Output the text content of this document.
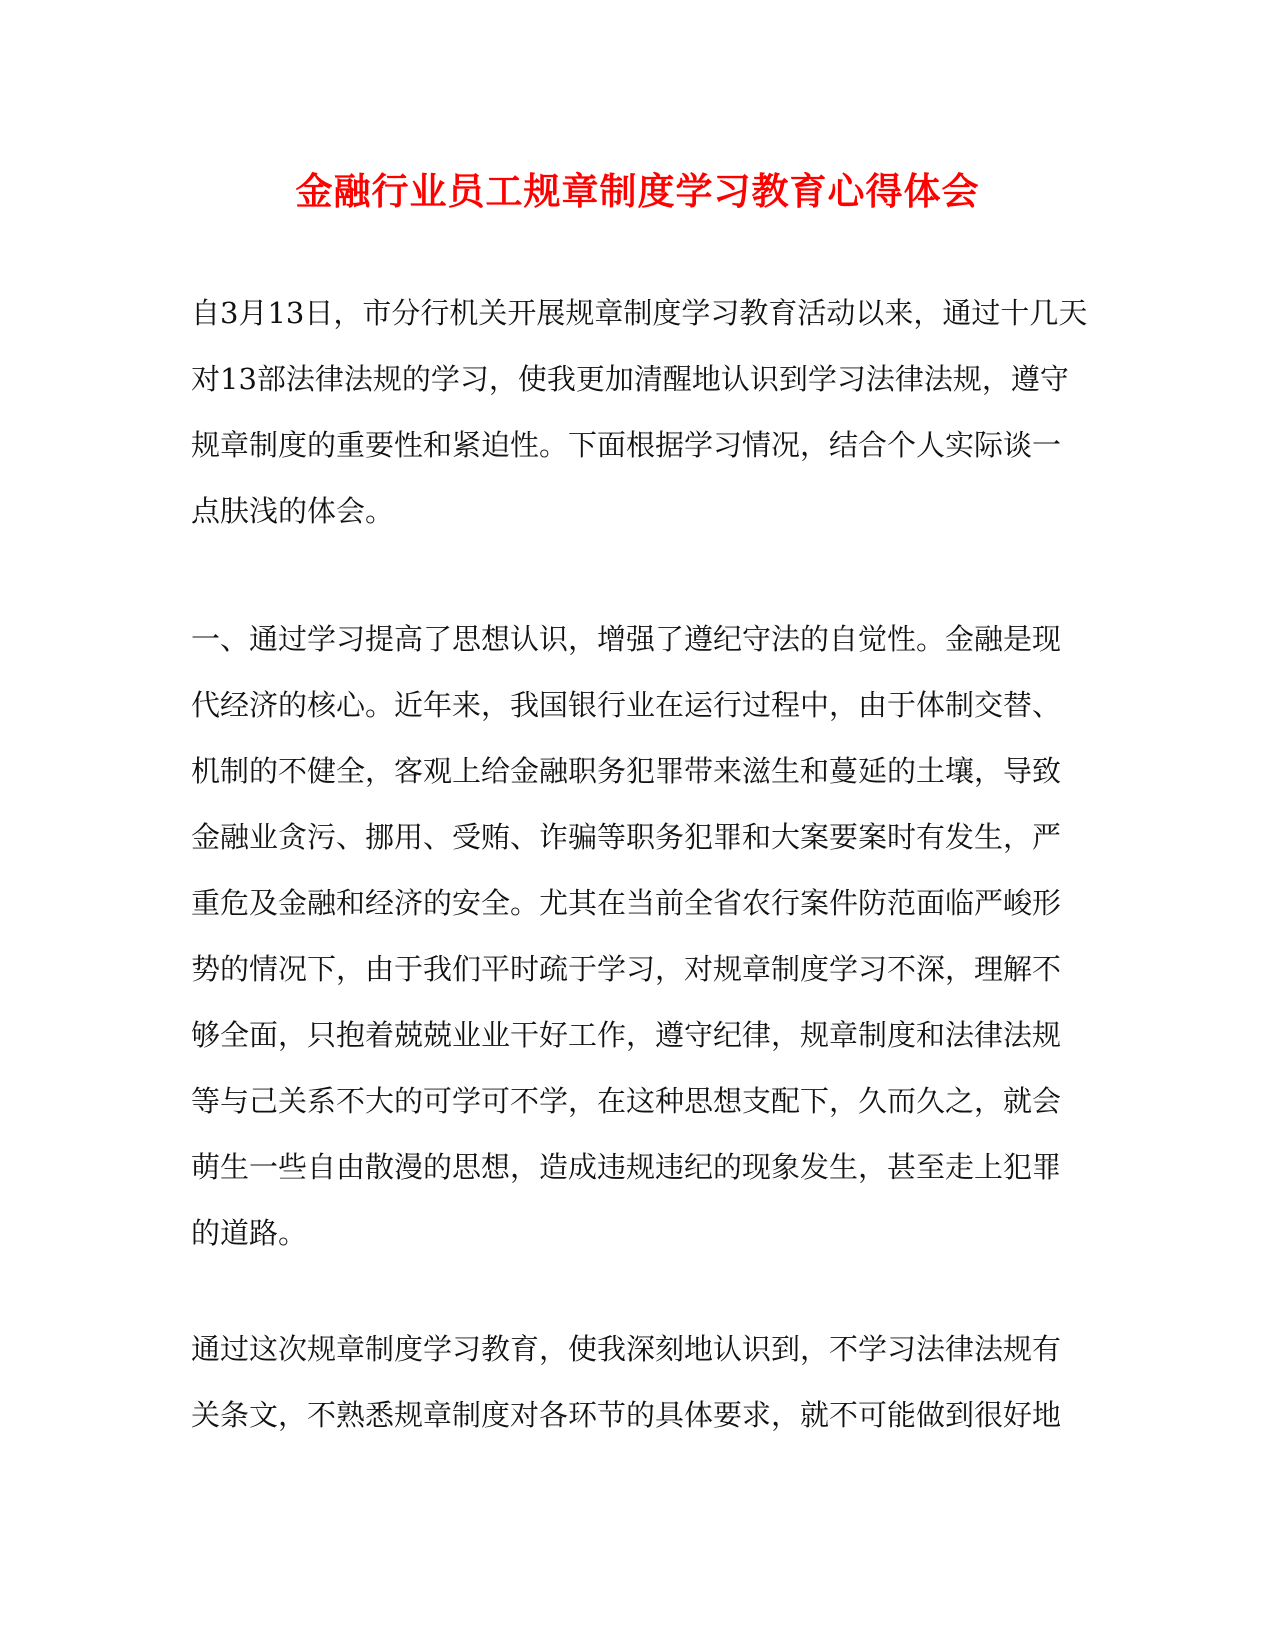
金融行业员工规章制度学习教育心得体会
自3月13日，市分行机关开展规章制度学习教育活动以来，通过十几天
对13部法律法规的学习，使我更加清醒地认识到学习法律法规，遵守
规章制度的重要性和紧迫性。下面根据学习情况，结合个人实际谈一
点肤浅的体会。
一、通过学习提高了思想认识，增强了遵纪守法的自觉性。金融是现
代经济的核心。近年来，我国银行业在运行过程中，由于体制交替、
机制的不健全，客观上给金融职务犯罪带来滋生和蔓延的土壤，导致
金融业贪污、挪用、受贿、诈骗等职务犯罪和大案要案时有发生，严
重危及金融和经济的安全。尤其在当前全省农行案件防范面临严峻形
势的情况下，由于我们平时疏于学习，对规章制度学习不深，理解不
够全面，只抱着兢兢业业干好工作，遵守纪律，规章制度和法律法规
等与己关系不大的可学可不学，在这种思想支配下，久而久之，就会
萌生一些自由散漫的思想，造成违规违纪的现象发生，甚至走上犯罪
的道路。
通过这次规章制度学习教育，使我深刻地认识到，不学习法律法规有
关条文，不熟悉规章制度对各环节的具体要求，就不可能做到很好地
